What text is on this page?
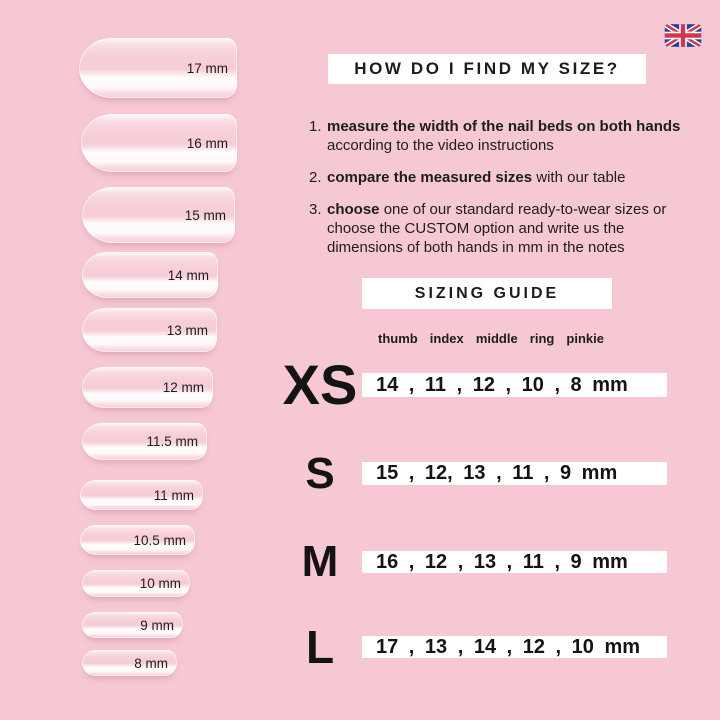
17 mm
16 mm
15 mm
14 mm
13 mm
12 mm
11.5 mm
11 mm
10.5 mm
10 mm
9 mm
8 mm
HOW DO I FIND MY SIZE?
1. measure the width of the nail beds on both hands according to the video instructions

2. compare the measured sizes with our table

3. choose one of our standard ready-to-wear sizes or choose the CUSTOM option and write us the dimensions of both hands in mm in the notes

SIZING GUIDE
thumb index middle ring pinkie
XS 14 , 11 , 12 , 10 , 8 mm
S	15 , 12, 13 , 11 , 9 mm
M	16 , 12 , 13 , 11 , 9 mm
L	17 , 13 , 14 , 12 , 10 mm
